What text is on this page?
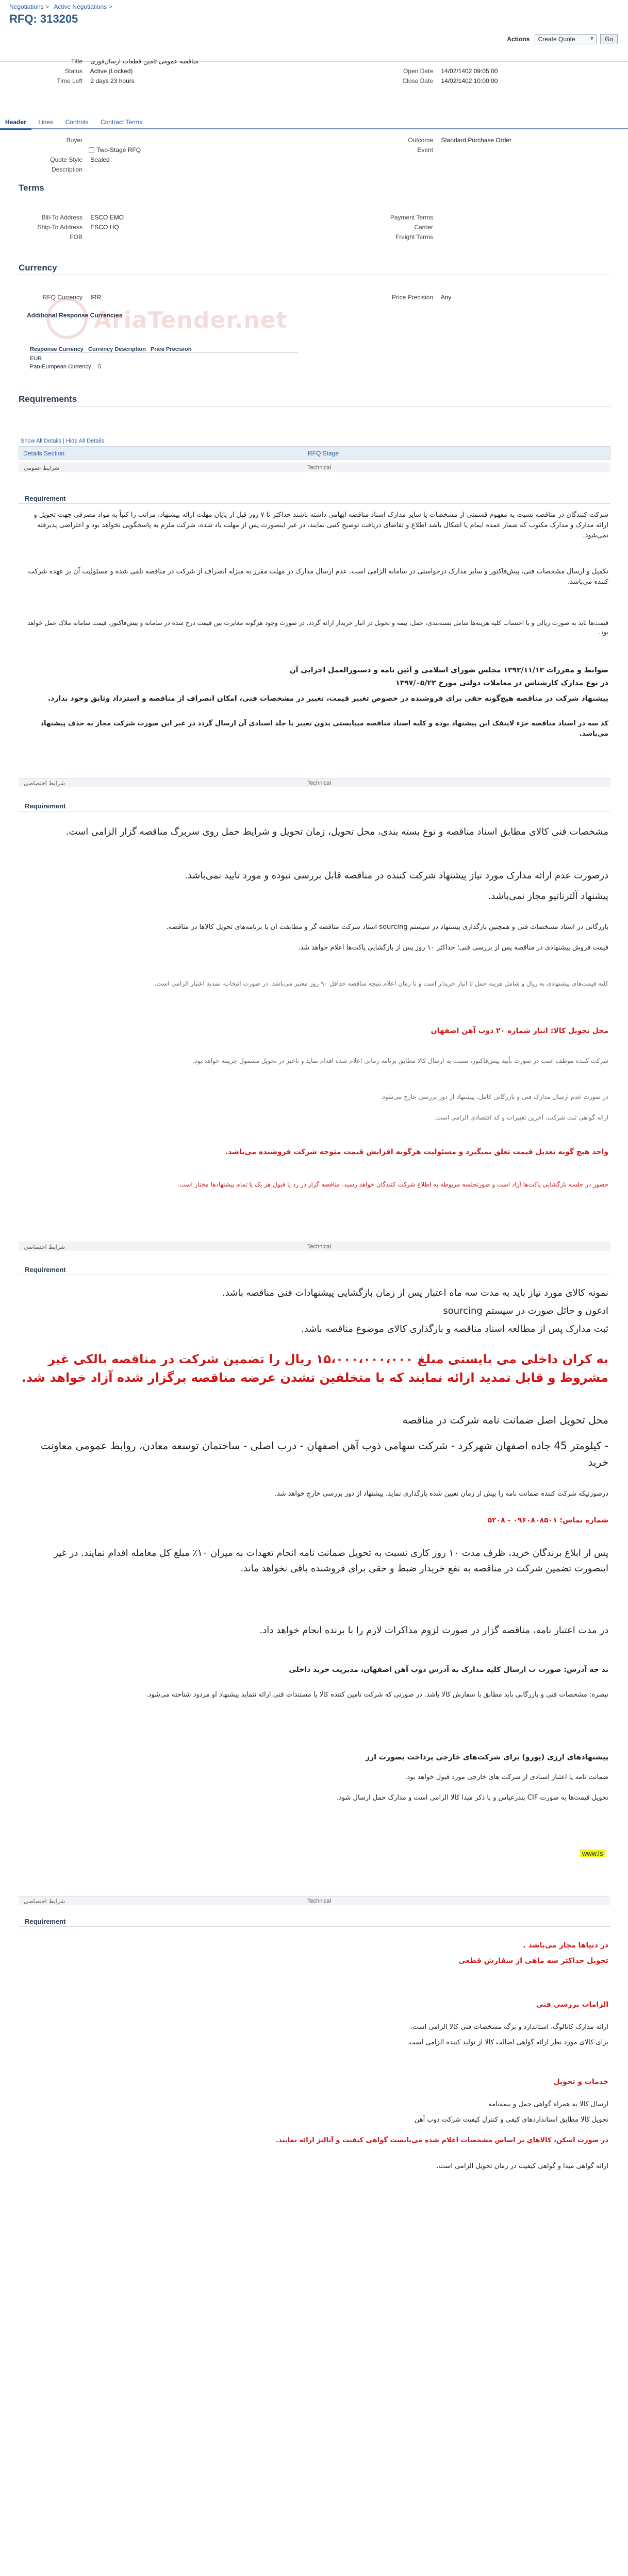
Negotiations > Active Negotiations >
RFQ: 313205
Actions Create Quote ▾	Go
Title مناقصه عمومی تامین قطعات ارسال‌فوری
Status Active (Locked)
Time Left 2 days 23 hours
Open Date 14/02/1402 09:05:00
Close Date 14/02/1402 10:00:00
Header Lines Controls Contract Terms
Buyer
Two-Stage RFQ
Quote Style Sealed
Description
Outcome Standard Purchase Order
Event
Terms
Bill-To Address ESCO EMO
Ship-To Address ESCO HQ
FOB
Payment Terms
Carrier
Freight Terms
Currency
RFQ Currency IRR	Price Precision Any
Additional Response Currencies
Response Currency Currency Description Price Precision
EUR
Pan-European Currency 5
AriaTender.net
Requirements
Show All Details | Hide All Details
Details Section	RFQ Stage
شرایط عمومی	Technical
Requirement
شرکت کنندگان در مناقصه نسبت به مفهوم قسمتی از مشخصات یا سایر مدارک اسناد مناقصه ابهامی داشته باشند حداکثر تا ۷ روز قبل از پایان مهلت ارائه پیشنهاد، مراتب را کتباً به مواد مصرفی جهت تحویل و ارائه مدارک و مدارک مکتوب که شمار عمده ایمام یا اشکال باشد اطلاع و تقاضای دریافت توضیح کتبی نمایند. در غیر اینصورت پس از مهلت یاد شده، شرکت ملزم به پاسخگویی نخواهد بود و اعتراضی پذیرفته نمی‌شود.
تکمیل و ارسال مشخصات فنی، پیش‌فاکتور و سایر مدارک درخواستی در سامانه الزامی است. عدم ارسال مدارک در مهلت مقرر به منزله انصراف از شرکت در مناقصه تلقی شده و مسئولیت آن بر عهده شرکت کننده می‌باشد.
قیمت‌ها باید به صورت ریالی و با احتساب کلیه هزینه‌ها شامل بسته‌بندی، حمل، بیمه و تحویل در انبار خریدار ارائه گردد. در صورت وجود هرگونه مغایرت بین قیمت درج شده در سامانه و پیش‌فاکتور، قیمت سامانه ملاک عمل خواهد بود.
ضوابط و مقررات ۱۳۹۲/۱۱/۱۳ مجلس شورای اسلامی و آئین نامه و دستورالعمل اجرایی آن
در نوع مدارک کارشناس در معاملات دولتی مورخ ۱۳۹۷/۰۵/۲۳
پیشنهاد شرکت در مناقصه هیچ‌گونه حقی برای فروشنده در خصوص تغییر قیمت، تغییر در مشخصات فنی، امکان انصراف از مناقصه و استرداد وثایق وجود ندارد.
کد سه در اسناد مناقصه جزء لاینفک این پیشنهاد بوده و کلیه اسناد مناقصه میبایستی بدون تغییر با جلد اسنادی آن ارسال گردد در غیر این صورت شرکت مجاز به حذف پیشنهاد می‌باشد.
شرایط اختصاصی	Technical
Requirement
مشخصات فنی کالای مطابق اسناد مناقصه و نوع بسته بندی، محل تحویل، زمان تحویل و شرایط حمل روی سربرگ مناقصه گزار الزامی است.
درصورت عدم ارائه مدارک مورد نیاز پیشنهاد شرکت کننده در مناقصه قابل بررسی نبوده و مورد تایید نمی‌باشد.
پیشنهاد آلترناتیو مجاز نمی‌باشد.
بازرگانی در اسناد مشخصات فنی و همچنین بارگذاری پیشنهاد در سیستم sourcing اسناد شرکت مناقصه گر و مطابقت آن با برنامه‌های تحویل کالاها در مناقصه.
قیمت فروش پیشنهادی در مناقصه پس از بررسی فنی؛ حداکثر ۱۰ روز پس از بازگشایی پاکت‌ها اعلام خواهد شد.
کلیه قیمت‌های پیشنهادی به ریال و شامل هزینه حمل تا انبار خریدار است و تا زمان اعلام نتیجه مناقصه حداقل ۹۰ روز معتبر می‌باشد. در صورت انتخاب، تمدید اعتبار الزامی است.
محل تحویل کالا: انبار شماره ۲۰ ذوب آهن اصفهان
شرکت کننده موظف است در صورت تأیید پیش‌فاکتور، نسبت به ارسال کالا مطابق برنامه زمانی اعلام شده اقدام نماید و تاخیر در تحویل مشمول جریمه خواهد بود.
در صورت عدم ارسال مدارک فنی و بازرگانی کامل، پیشنهاد از دور بررسی خارج می‌شود.
ارائه گواهی ثبت شرکت، آخرین تغییرات و کد اقتصادی الزامی است.
واحد هیچ گونه تعدیل قیمت تعلق نمیگیرد و مسئولیت هرگونه افزایش قیمت متوجه شرکت فروشنده می‌باشد.
حضور در جلسه بازگشایی پاکت‌ها آزاد است و صورتجلسه مربوطه به اطلاع شرکت کنندگان خواهد رسید. مناقصه گزار در رد یا قبول هر یک یا تمام پیشنهادها مختار است.
شرایط اختصاصی	Technical
Requirement
نمونه کالای مورد نیاز باید به مدت سه ماه اعتبار پس از زمان بازگشایی پیشنهادات فنی مناقصه باشد.
ادغون و حائل صورت در سیستم sourcing
ثبت مدارک پس از مطالعه اسناد مناقصه و بارگذاری کالای موضوع مناقصه باشد.
به کران داخلی می بایستی مبلغ ۱۵،۰۰۰،۰۰۰،۰۰۰ ریال را تضمین شرکت در مناقصه بالکی غیر مشروط و قابل تمدید ارائه نمایند که با متخلفین تشدن عرضه مناقصه برگزار شده آزاد خواهد شد.
محل تحویل اصل ضمانت نامه شرکت در مناقصه
- کیلومتر 45 جاده اصفهان شهرکرد - شرکت سهامی ذوب آهن اصفهان - درب اصلی - ساختمان توسعه معادن، روابط عمومی معاونت خرید
درصورتیکه شرکت کننده ضمانت نامه را بیش از زمان تعیین شده بارگذاری نماید، پیشنهاد از دور بررسی خارج خواهد شد.
شماره تماس: ۰۹۶۰۸۰۸۵۰۱ - ۵۲۰۸
پس از ابلاغ برندگان خرید، ظرف مدت ۱۰ روز کاری نسبت به تحویل ضمانت نامه انجام تعهدات به میزان ۱۰٪ مبلغ کل معامله اقدام نمایند. در غیر اینصورت تضمین شرکت در مناقصه به نفع خریدار ضبط و حقی برای فروشنده باقی نخواهد ماند.
در مدت اعتبار نامه، مناقصه گزار در صورت لزوم مذاکرات لازم را با برنده انجام خواهد داد.
ند جه آدرس: صورت ت ارسال کلیه مدارک به آدرس ذوب آهن اصفهان، مدیریت خرید داخلی
تبصره: مشخصات فنی و بازرگانی باید مطابق با سفارش کالا باشد. در صورتی که شرکت تامین کننده کالا یا مستندات فنی ارائه ننماید پیشنهاد او مردود شناخته می‌شود.
پیشنهادهای ارزی (یورو) برای شرکت‌های خارجی پرداخت بصورت ارز
ضمانت نامه یا اعتبار اسنادی از شرکت های خارجی مورد قبول خواهد بود.
تحویل قیمت‌ها به صورت CIF بندرعباس و با ذکر مبدا کالا الزامی است و مدارک حمل ارسال شود.
www.ls
شرایط اختصاصی	Technical
Requirement
در دنیاها مجاز می‌باشد .
تحویل حداکثر سه ماهی از سفارش قطعی
الزامات بررسی فنی
ارائه مدارک کاتالوگ، استاندارد و برگه مشخصات فنی کالا الزامی است.
برای کالای مورد نظر ارائه گواهی اصالت کالا از تولید کننده الزامی است.
خدمات و تحویل
ارسال کالا به همراه گواهی حمل و بیمه‌نامه
تحویل کالا مطابق استانداردهای کیفی و کنترل کیفیت شرکت ذوب آهن
در صورت اسکن، کالاهای بر اساس مشخصات اعلام شده می‌بایست گواهی کیفیت و آنالیز ارائه نمایند.
ارائه گواهی مبدا و گواهی کیفیت در زمان تحویل الزامی است.
